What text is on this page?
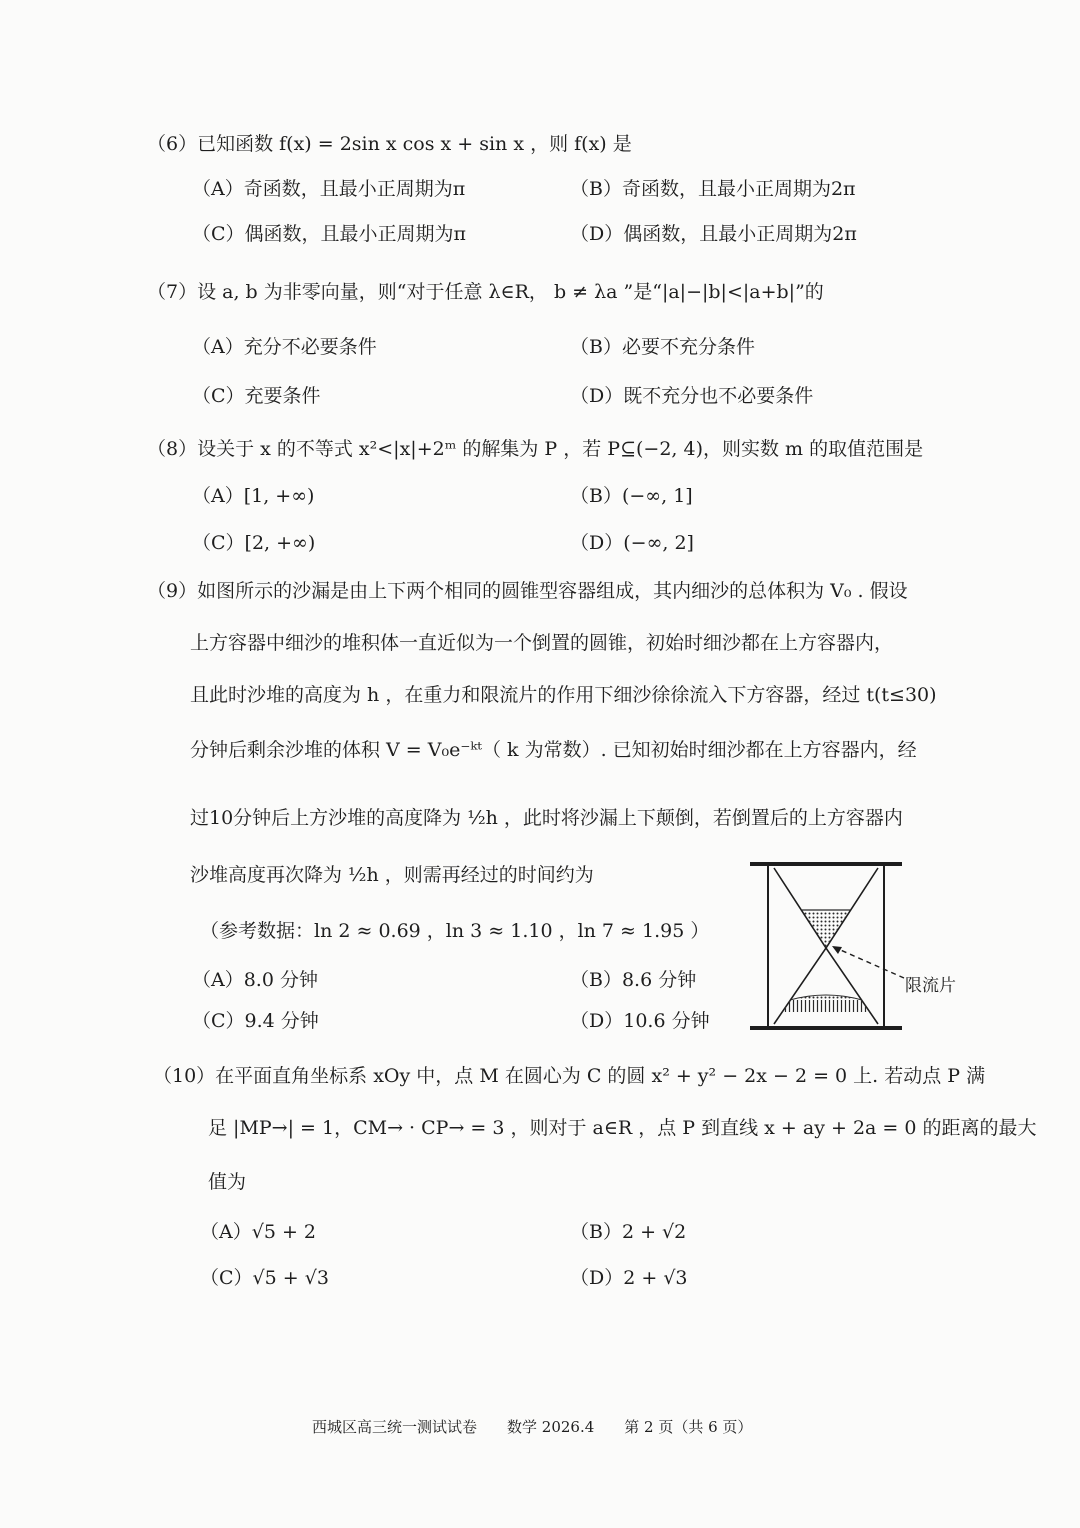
（6）已知函数 f(x) = 2sin x cos x + sin x ，则 f(x) 是
（A）奇函数，且最小正周期为π	（B）奇函数，且最小正周期为2π
（C）偶函数，且最小正周期为π	（D）偶函数，且最小正周期为2π
（7）设 a, b 为非零向量，则“对于任意 λ∈R， b ≠ λa ”是“|a|−|b|<|a+b|”的
（A）充分不必要条件	（B）必要不充分条件
（C）充要条件	（D）既不充分也不必要条件
（8）设关于 x 的不等式 x²<|x|+2ᵐ 的解集为 P ，若 P⊆(−2, 4)，则实数 m 的取值范围是
（A）[1, +∞)	（B）(−∞, 1]
（C）[2, +∞)	（D）(−∞, 2]
（9）如图所示的沙漏是由上下两个相同的圆锥型容器组成，其内细沙的总体积为 V₀ . 假设
上方容器中细沙的堆积体一直近似为一个倒置的圆锥，初始时细沙都在上方容器内，
且此时沙堆的高度为 h ，在重力和限流片的作用下细沙徐徐流入下方容器，经过 t(t≤30)
分钟后剩余沙堆的体积 V = V₀e⁻ᵏᵗ（ k 为常数）. 已知初始时细沙都在上方容器内，经
过10分钟后上方沙堆的高度降为 ½h ，此时将沙漏上下颠倒，若倒置后的上方容器内
沙堆高度再次降为 ½h ，则需再经过的时间约为
（参考数据：ln 2 ≈ 0.69 ，ln 3 ≈ 1.10 ，ln 7 ≈ 1.95 ）
（A）8.0 分钟	（B）8.6 分钟
（C）9.4 分钟	（D）10.6 分钟
限流片
（10）在平面直角坐标系 xOy 中，点 M 在圆心为 C 的圆 x² + y² − 2x − 2 = 0 上. 若动点 P 满
足 |MP→| = 1，CM→ · CP→ = 3 ，则对于 a∈R ，点 P 到直线 x + ay + 2a = 0 的距离的最大
值为
（A）√5 + 2	（B）2 + √2
（C）√5 + √3	（D）2 + √3
西城区高三统一测试试卷　　数学 2026.4　　第 2 页（共 6 页）
